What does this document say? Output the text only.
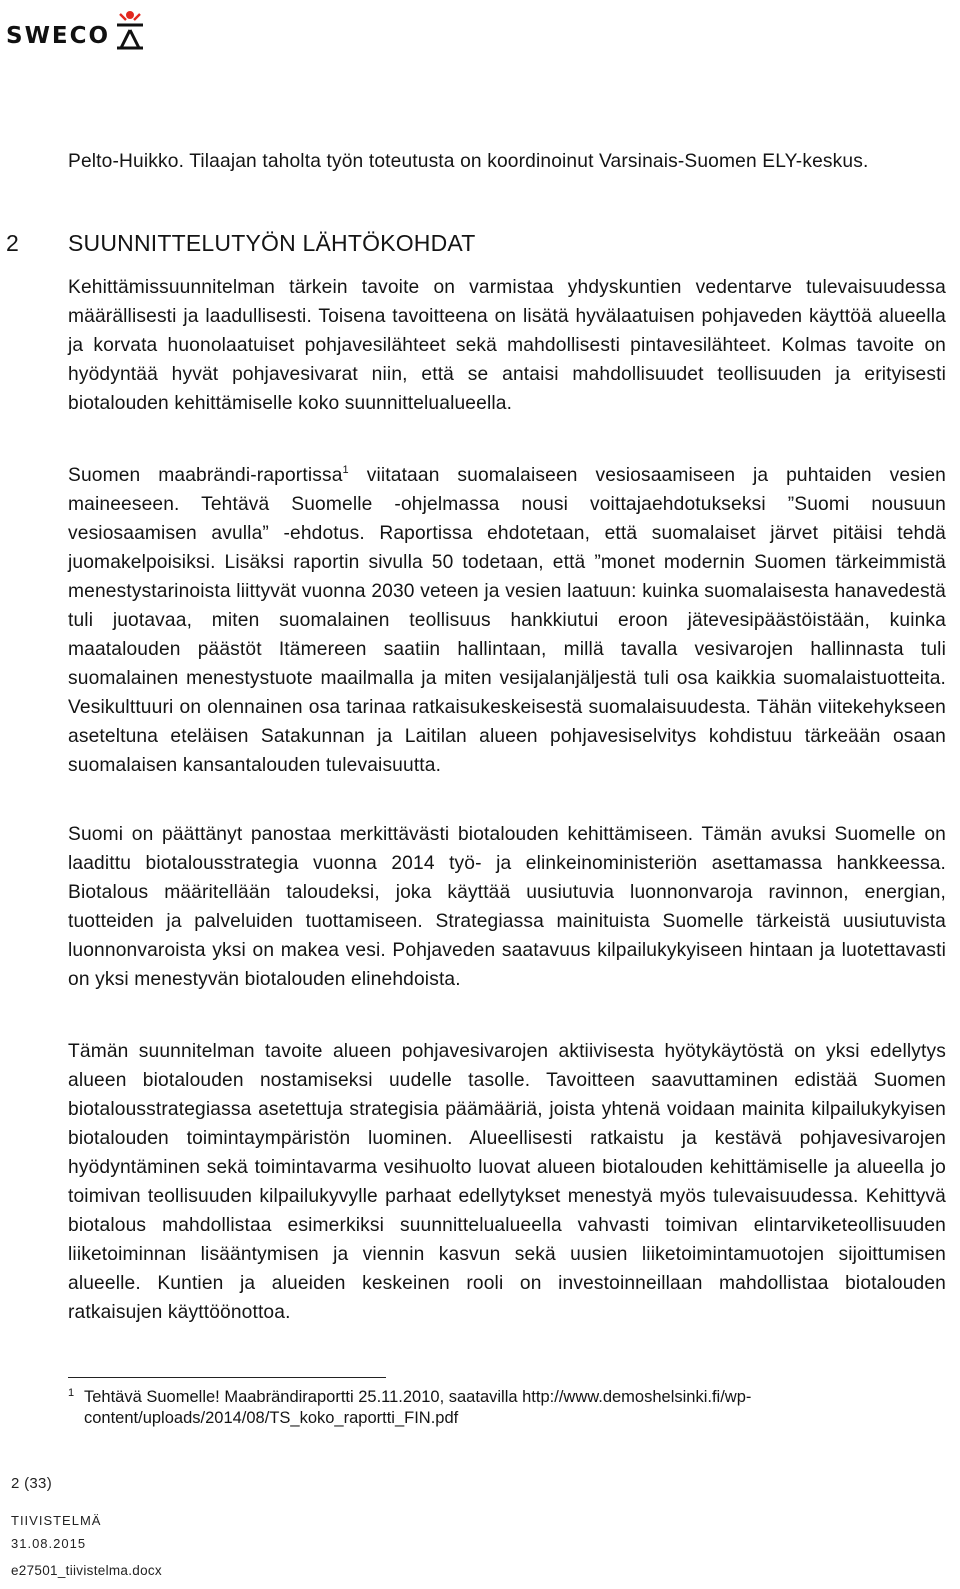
SWECO

Pelto-Huikko. Tilaajan taholta työn toteutusta on koordinoinut Varsinais-Suomen ELY-keskus.

2 SUUNNITTELUTYÖN LÄHTÖKOHDAT

Kehittämissuunnitelman tärkein tavoite on varmistaa yhdyskuntien vedentarve tulevaisuudessa määrällisesti ja laadullisesti. Toisena tavoitteena on lisätä hyvälaatuisen pohjaveden käyttöä alueella ja korvata huonolaatuiset pohjavesilähteet sekä mahdollisesti pintavesilähteet. Kolmas tavoite on hyödyntää hyvät pohjavesivarat niin, että se antaisi mahdollisuudet teollisuuden ja erityisesti biotalouden kehittämiselle koko suunnittelualueella.

Suomen maabrändi-raportissa$^1$ viitataan suomalaiseen vesiosaamiseen ja puhtaiden vesien maineeseen. Tehtävä Suomelle -ohjelmassa nousi voittajaehdotukseksi ”Suomi nousuun vesiosaamisen avulla” -ehdotus. Raportissa ehdotetaan, että suomalaiset järvet pitäisi tehdä juomakelpoisiksi. Lisäksi raportin sivulla 50 todetaan, että ”monet modernin Suomen tärkeimmistä menestystarinoista liittyvät vuonna 2030 veteen ja vesien laatuun: kuinka suomalaisesta hanavedestä tuli juotavaa, miten suomalainen teollisuus hankkiutui eroon jätevesipäästöistään, kuinka maatalouden päästöt Itämereen saatiin hallintaan, millä tavalla vesivarojen hallinnasta tuli suomalainen menestystuote maailmalla ja miten vesijalanjäljestä tuli osa kaikkia suomalaistuotteita. Vesikulttuuri on olennainen osa tarinaa ratkaisukeskeisestä suomalaisuudesta. Tähän viitekehykseen aseteltuna eteläisen Satakunnan ja Laitilan alueen pohjavesiselvitys kohdistuu tärkeään osaan suomalaisen kansantalouden tulevaisuutta.

Suomi on päättänyt panostaa merkittävästi biotalouden kehittämiseen. Tämän avuksi Suomelle on laadittu biotalousstrategia vuonna 2014 työ- ja elinkeinoministeriön asettamassa hankkeessa. Biotalous määritellään taloudeksi, joka käyttää uusiutuvia luonnonvaroja ravinnon, energian, tuotteiden ja palveluiden tuottamiseen. Strategiassa mainituista Suomelle tärkeistä uusiutuvista luonnonvaroista yksi on makea vesi. Pohjaveden saatavuus kilpailukykyiseen hintaan ja luotettavasti on yksi menestyvän biotalouden elinehdoista.

Tämän suunnitelman tavoite alueen pohjavesivarojen aktiivisesta hyötykäytöstä on yksi edellytys alueen biotalouden nostamiseksi uudelle tasolle. Tavoitteen saavuttaminen edistää Suomen biotalousstrategiassa asetettuja strategisia päämääriä, joista yhtenä voidaan mainita kilpailukykyisen biotalouden toimintaympäristön luominen. Alueellisesti ratkaistu ja kestävä pohjavesivarojen hyödyntäminen sekä toimintavarma vesihuolto luovat alueen biotalouden kehittämiselle ja alueella jo toimivan teollisuuden kilpailukyvylle parhaat edellytykset menestyä myös tulevaisuudessa. Kehittyvä biotalous mahdollistaa esimerkiksi suunnittelualueella vahvasti toimivan elintarviketeollisuuden liiketoiminnan lisääntymisen ja viennin kasvun sekä uusien liiketoimintamuotojen sijoittumisen alueelle. Kuntien ja alueiden keskeinen rooli on investoinneillaan mahdollistaa biotalouden ratkaisujen käyttöönottoa.

1 Tehtävä Suomelle! Maabrändiraportti 25.11.2010, saatavilla http://www.demoshelsinki.fi/wp-
content/uploads/2014/08/TS_koko_raportti_FIN.pdf
2 (33)
TIIVISTELMÄ
31.08.2015
e27501_tiivistelma.docx
